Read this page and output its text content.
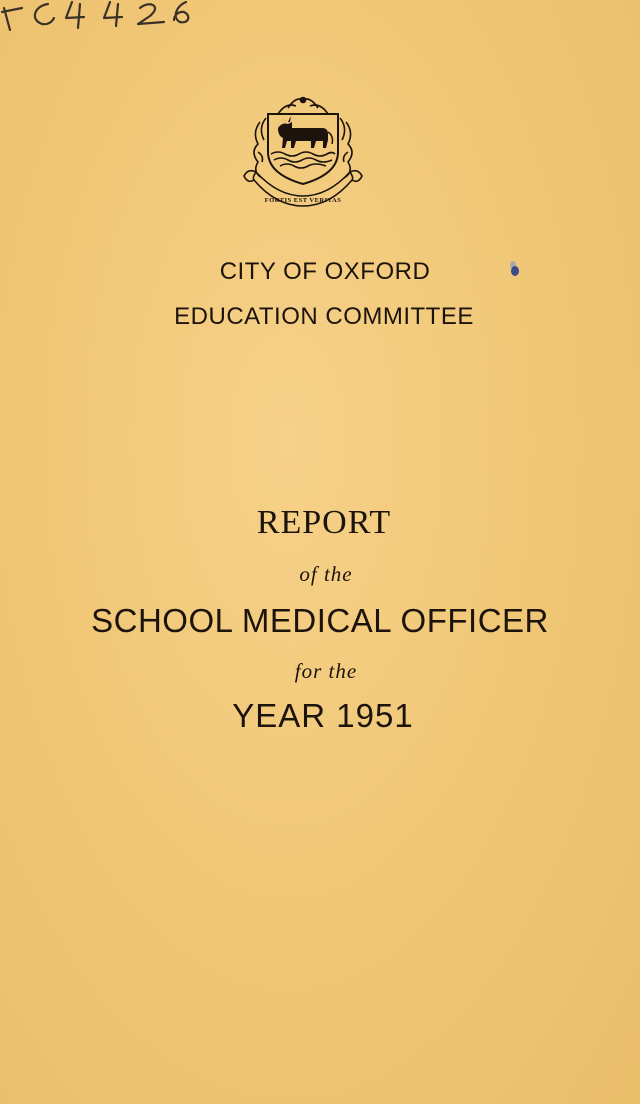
FORTIS EST VERITAS
CITY OF OXFORD
EDUCATION COMMITTEE
REPORT
of the
SCHOOL MEDICAL OFFICER
for the
YEAR 1951
